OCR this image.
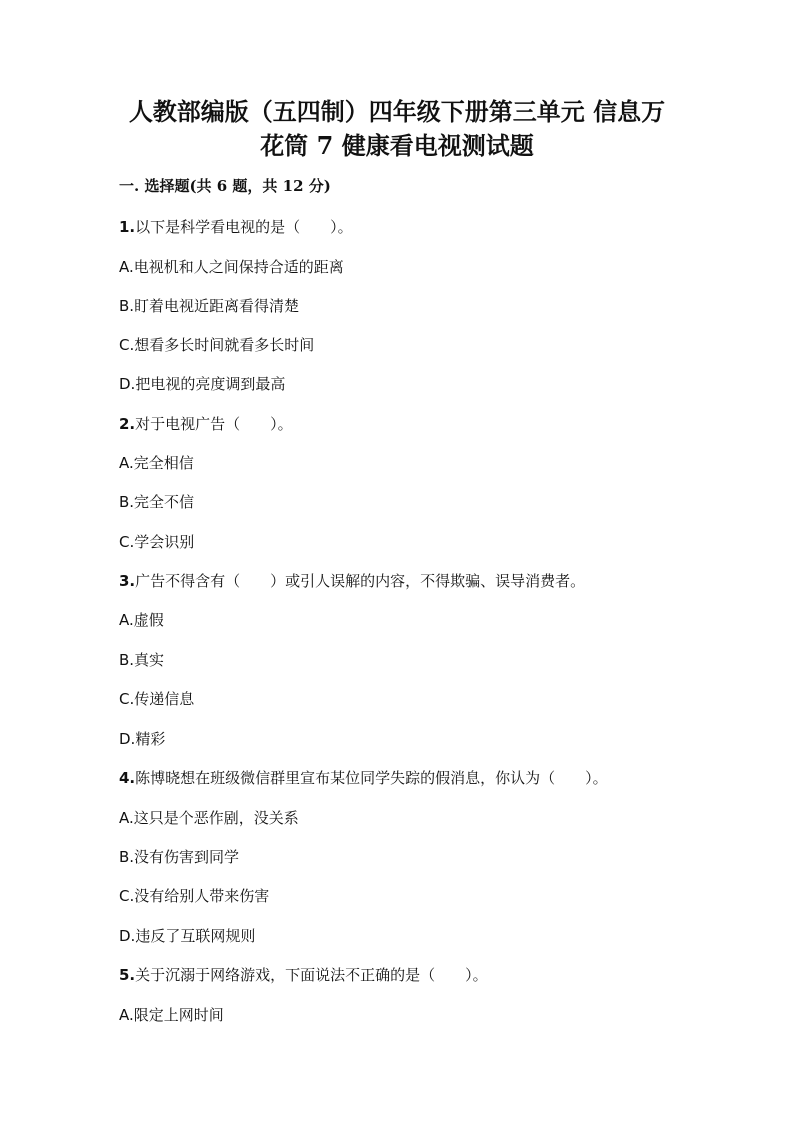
人教部编版（五四制）四年级下册第三单元 信息万
花筒 7 健康看电视测试题
一. 选择题(共 6 题，共 12 分)
1.以下是科学看电视的是（　　）。
A.电视机和人之间保持合适的距离
B.盯着电视近距离看得清楚
C.想看多长时间就看多长时间
D.把电视的亮度调到最高
2.对于电视广告（　　）。
A.完全相信
B.完全不信
C.学会识别
3.广告不得含有（　　）或引人误解的内容，不得欺骗、误导消费者。
A.虚假
B.真实
C.传递信息
D.精彩
4.陈博晓想在班级微信群里宣布某位同学失踪的假消息，你认为（　　）。
A.这只是个恶作剧，没关系
B.没有伤害到同学
C.没有给别人带来伤害
D.违反了互联网规则
5.关于沉溺于网络游戏，下面说法不正确的是（　　）。
A.限定上网时间
